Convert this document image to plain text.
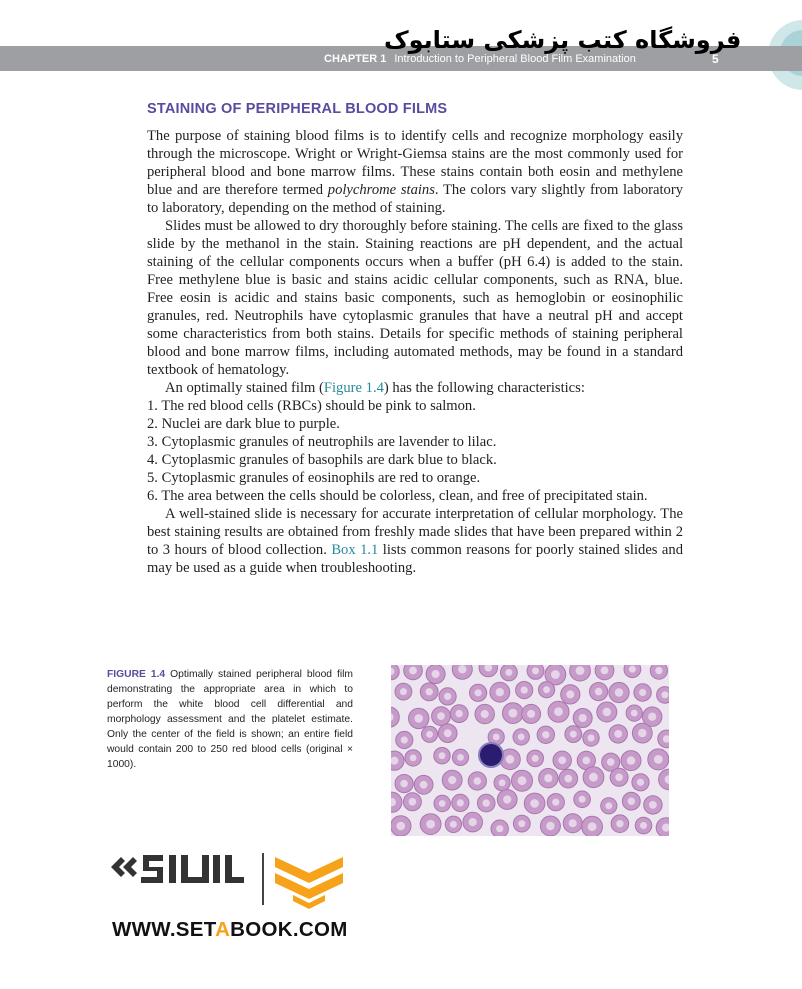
فروشگاه کتب پزشکی ستابوک
CHAPTER 1 Introduction to Peripheral Blood Film Examination	5
STAINING OF PERIPHERAL BLOOD FILMS

The purpose of staining blood films is to identify cells and recognize morphology easily through the microscope. Wright or Wright-Giemsa stains are the most commonly used for peripheral blood and bone marrow films. These stains contain both eosin and methylene blue and are therefore termed polychrome stains. The colors vary slightly from laboratory to laboratory, depending on the method of staining.

Slides must be allowed to dry thoroughly before staining. The cells are fixed to the glass slide by the methanol in the stain. Staining reactions are pH dependent, and the actual staining of the cellular components occurs when a buffer (pH 6.4) is added to the stain. Free methylene blue is basic and stains acidic cellular components, such as RNA, blue. Free eosin is acidic and stains basic components, such as hemoglobin or eosinophilic granules, red. Neutrophils have cytoplasmic granules that have a neutral pH and accept some characteristics from both stains. Details for specific methods of staining peripheral blood and bone marrow films, including automated methods, may be found in a standard textbook of hematology.

An optimally stained film (Figure 1.4) has the following characteristics:

1. The red blood cells (RBCs) should be pink to salmon.
2. Nuclei are dark blue to purple.
3. Cytoplasmic granules of neutrophils are lavender to lilac.
4. Cytoplasmic granules of basophils are dark blue to black.
5. Cytoplasmic granules of eosinophils are red to orange.
6. The area between the cells should be colorless, clean, and free of precipitated stain.

A well-stained slide is necessary for accurate interpretation of cellular morphology. The best staining results are obtained from freshly made slides that have been prepared within 2 to 3 hours of blood collection. Box 1.1 lists common reasons for poorly stained slides and may be used as a guide when troubleshooting.

FIGURE 1.4 Optimally stained peripheral blood film demonstrating the appropriate area in which to perform the white blood cell differential and morphology assessment and the platelet estimate. Only the center of the field is shown; an entire field would contain 200 to 250 red blood cells (original × 1000).
WWW.SETABOOK.COM
